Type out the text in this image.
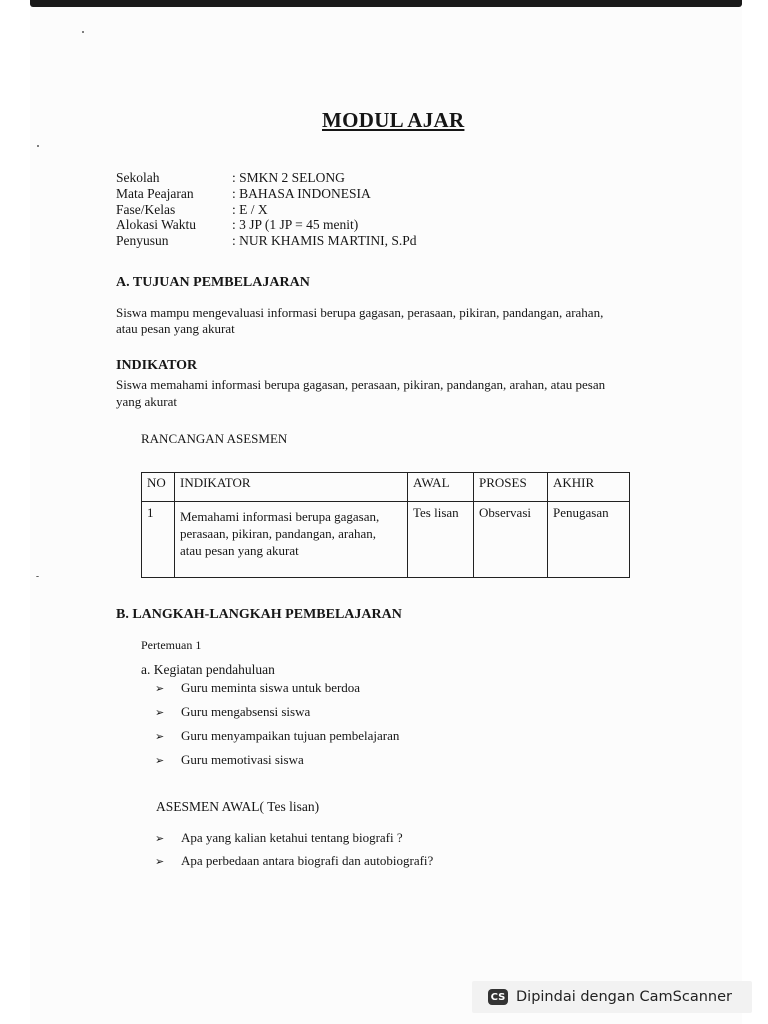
MODUL AJAR
Sekolah	: SMKN 2 SELONG
Mata Peajaran	: BAHASA INDONESIA
Fase/Kelas	: E / X
Alokasi Waktu	: 3 JP (1 JP = 45 menit)
Penyusun	: NUR KHAMIS MARTINI, S.Pd
A. TUJUAN PEMBELAJARAN
Siswa mampu mengevaluasi informasi berupa gagasan, perasaan, pikiran, pandangan, arahan,
atau pesan yang akurat
INDIKATOR
Siswa memahami informasi berupa gagasan, perasaan, pikiran, pandangan, arahan, atau pesan
yang akurat
RANCANGAN ASESMEN
NO	INDIKATOR	AWAL	PROSES	AKHIR
1	Memahami informasi berupa gagasan,
perasaan, pikiran, pandangan, arahan,
atau pesan yang akurat	Tes lisan	Observasi	Penugasan
B. LANGKAH-LANGKAH PEMBELAJARAN
Pertemuan 1
a. Kegiatan pendahuluan
➢ Guru meminta siswa untuk berdoa
➢ Guru mengabsensi siswa
➢ Guru menyampaikan tujuan pembelajaran
➢ Guru memotivasi siswa
ASESMEN AWAL( Tes lisan)
➢ Apa yang kalian ketahui tentang biografi ?
➢ Apa perbedaan antara biografi dan autobiografi?
CS Dipindai dengan CamScanner
